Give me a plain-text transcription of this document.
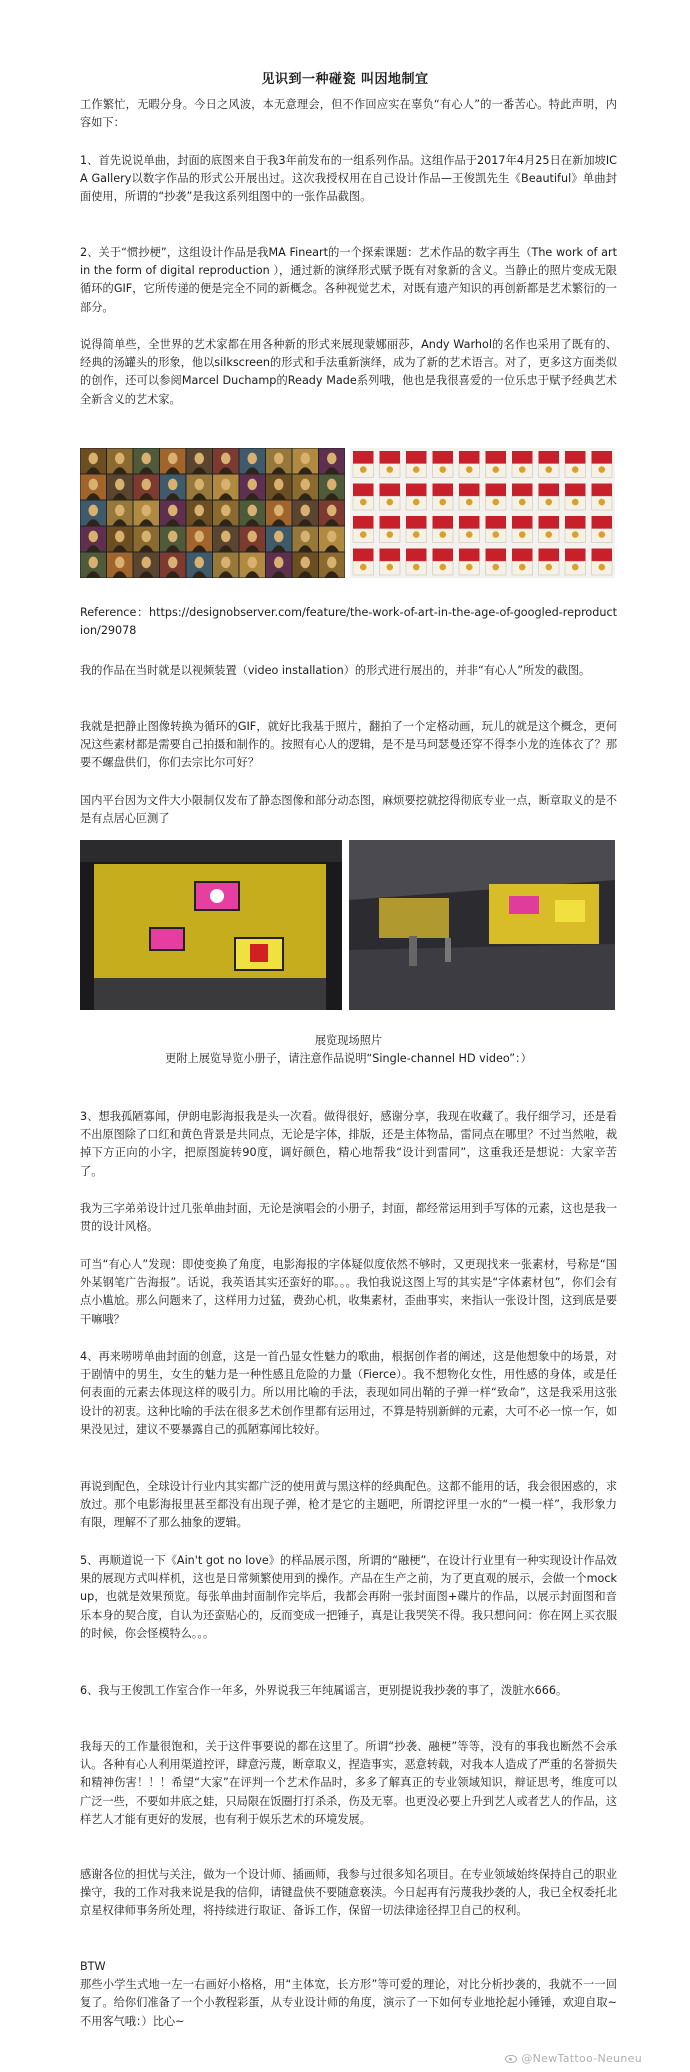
见识到一种碰瓷 叫因地制宜

工作繁忙，无暇分身。今日之风波，本无意理会，但不作回应实在辜负“有心人”的一番苦心。特此声明，内容如下：

1、首先说说单曲，封面的底图来自于我3年前发布的一组系列作品。这组作品于2017年4月25日在新加坡ICA Gallery以数字作品的形式公开展出过。这次我授权用在自己设计作品—王俊凯先生《Beautiful》单曲封面使用，所谓的“抄袭”是我这系列组图中的一张作品截图。

2、关于“惯抄梗”，这组设计作品是我MA Fineart的一个探索课题：艺术作品的数字再生（The work of art in the form of digital reproduction ），通过新的演绎形式赋予既有对象新的含义。当静止的照片变成无限循环的GIF，它所传递的便是完全不同的新概念。各种视觉艺术，对既有遗产知识的再创新都是艺术繁衍的一部分。

说得简单些，全世界的艺术家都在用各种新的形式来展现蒙娜丽莎，Andy Warhol的名作也采用了既有的、经典的汤罐头的形象，他以silkscreen的形式和手法重新演绎，成为了新的艺术语言。对了，更多这方面类似的创作，还可以参阅Marcel Duchamp的Ready Made系列哦，他也是我很喜爱的一位乐忠于赋予经典艺术全新含义的艺术家。

Reference：https://designobserver.com/feature/the-work-of-art-in-the-age-of-googled-reproduction/29078

我的作品在当时就是以视频装置（video installation）的形式进行展出的，并非“有心人”所发的截图。

我就是把静止图像转换为循环的GIF，就好比我基于照片，翻拍了一个定格动画，玩儿的就是这个概念，更何况这些素材都是需要自己拍摄和制作的。按照有心人的逻辑，是不是马珂瑟曼还穿不得李小龙的连体衣了？那要不螺盘供们，你们去宗比尔可好？

国内平台因为文件大小限制仅发布了静态图像和部分动态图，麻烦要挖就挖得彻底专业一点，断章取义的是不是有点居心叵测了

展览现场照片

更附上展览导览小册子，请注意作品说明“Single-channel HD video”：）

3、想我孤陋寡闻，伊朗电影海报我是头一次看。做得很好，感谢分享，我现在收藏了。我仔细学习，还是看不出原图除了口红和黄色背景是共同点，无论是字体，排版，还是主体物品，雷同点在哪里？不过当然啦，裁掉下方正向的小字，把原图旋转90度，调好颜色，精心地帮我“设计到雷同”，这重我还是想说：大家辛苦了。

我为三字弟弟设计过几张单曲封面，无论是演唱会的小册子，封面，都经常运用到手写体的元素，这也是我一贯的设计风格。

可当“有心人”发现：即使变换了角度，电影海报的字体疑似度依然不够时，又更现找来一张素材，号称是“国外某钢笔广告海报”。话说，我英语其实还蛮好的耶。。。我怕我说这图上写的其实是“字体素材包”，你们会有点小尴尬。那么问题来了，这样用力过猛，费劲心机，收集素材，歪曲事实，来指认一张设计图，这到底是要干嘛哦？

4、再来唠唠单曲封面的创意，这是一首凸显女性魅力的歌曲，根据创作者的阐述，这是他想象中的场景，对于剧情中的男生，女生的魅力是一种性感且危险的力量（Fierce）。我不想物化女性，用性感的身体，或是任何表面的元素去体现这样的吸引力。所以用比喻的手法，表现如同出鞘的子弹一样“致命”，这是我采用这张设计的初衷。这种比喻的手法在很多艺术创作里都有运用过，不算是特别新鲜的元素，大可不必一惊一乍，如果没见过，建议不要暴露自己的孤陋寡闻比较好。

再说到配色，全球设计行业内其实都广泛的使用黄与黑这样的经典配色。这都不能用的话，我会很困惑的，求放过。那个电影海报里甚至都没有出现子弹，枪才是它的主题吧，所谓挖评里一水的“一模一样”，我形象力有限，理解不了那么抽象的逻辑。

5、再顺道说一下《Ain't got no love》的样品展示图，所谓的“融梗”，在设计行业里有一种实现设计作品效果的展现方式叫样机，这也是日常频繁使用到的操作。产品在生产之前，为了更直观的展示，会做一个mock up，也就是效果预览。每张单曲封面制作完毕后，我都会再附一张封面图+碟片的作品，以展示封面图和音乐本身的契合度，自认为还蛮贴心的，反而变成一把锤子，真是让我哭笑不得。我只想问问：你在网上买衣服的时候，你会怪模特么。。。

6、我与王俊凯工作室合作一年多，外界说我三年纯属谣言，更别提说我抄袭的事了，泼脏水666。

我每天的工作量很饱和，关于这件事要说的都在这里了。所谓“抄袭、融梗”等等，没有的事我也断然不会承认。各种有心人利用渠道控评，肆意污蔑，断章取义，捏造事实，恶意转载，对我本人造成了严重的名誉损失和精神伤害！！！希望“大家”在评判一个艺术作品时，多多了解真正的专业领域知识，辩证思考，维度可以广泛一些，不要如井底之蛙，只局限在饭圈打打杀杀，伤及无辜。也更没必要上升到艺人或者艺人的作品，这样艺人才能有更好的发展，也有利于娱乐艺术的环境发展。

感谢各位的担忧与关注，做为一个设计师、插画师，我参与过很多知名项目。在专业领域始终保持自己的职业操守，我的工作对我来说是我的信仰，请键盘侠不要随意亵渎。今日起再有污蔑我抄袭的人，我已全权委托北京星权律师事务所处理，将持续进行取证、备诉工作，保留一切法律途径捍卫自己的权利。

BTW
那些小学生式地一左一右画好小格格，用“主体宽，长方形”等可爱的理论，对比分析抄袭的，我就不一一回复了。给你们准备了一个小教程彩蛋，从专业设计师的角度，演示了一下如何专业地抡起小锤锤，欢迎自取~ 不用客气哦：）比心~

@NewTattoo-Neuneu
